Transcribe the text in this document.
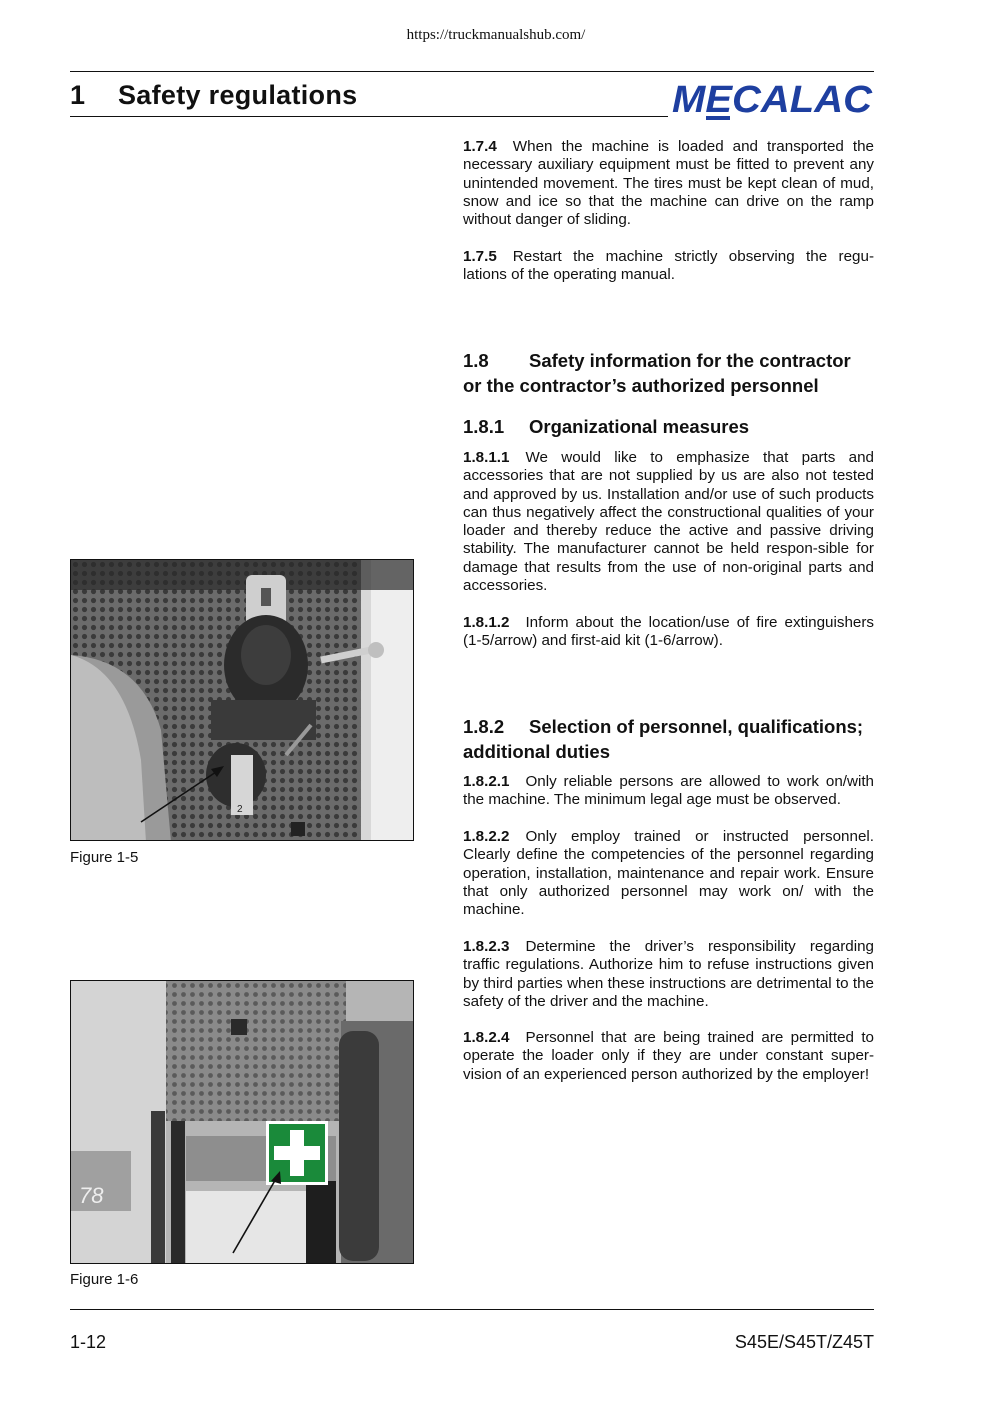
https://truckmanualshub.com/
1 Safety regulations	MECALAC

1.7.4 When the machine is loaded and transported the necessary auxiliary equipment must be fitted to prevent any unintended movement. The tires must be kept clean of mud, snow and ice so that the machine can drive on the ramp without danger of sliding.

1.7.5 Restart the machine strictly observing the regu-lations of the operating manual.

1.8 Safety information for the contractor or the contractor’s authorized personnel

1.8.1 Organizational measures

1.8.1.1 We would like to emphasize that parts and accessories that are not supplied by us are also not tested and approved by us. Installation and/or use of such products can thus negatively affect the constructional qualities of your loader and thereby reduce the active and passive driving stability. The manufacturer cannot be held respon-sible for damage that results from the use of non-original parts and accessories.

1.8.1.2 Inform about the location/use of fire extinguishers (1-5/arrow) and first-aid kit (1-6/arrow).

1.8.2 Selection of personnel, qualifications; additional duties

1.8.2.1 Only reliable persons are allowed to work on/with the machine. The minimum legal age must be observed.

1.8.2.2 Only employ trained or instructed personnel. Clearly define the competencies of the personnel regarding operation, installation, maintenance and repair work. Ensure that only authorized personnel may work on/ with the machine.

1.8.2.3 Determine the driver’s responsibility regarding traffic regulations. Authorize him to refuse instructions given by third parties when these instructions are detrimental to the safety of the driver and the machine.

1.8.2.4 Personnel that are being trained are permitted to operate the loader only if they are under constant super-vision of an experienced person authorized by the employer!

2
Figure 1-5
78
Figure 1-6
1-12	S45E/S45T/Z45T
